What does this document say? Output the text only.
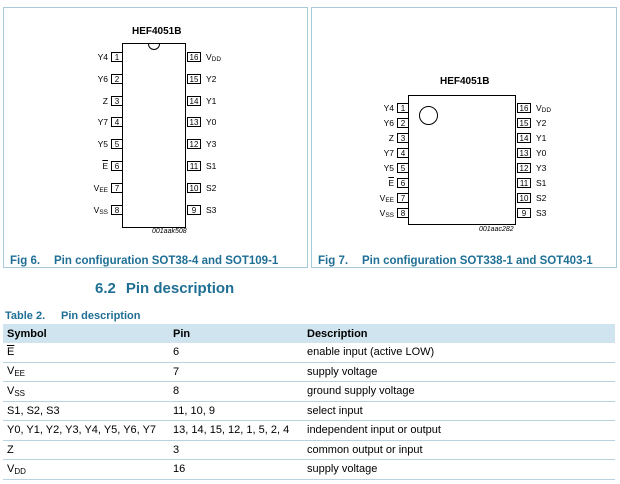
HEF4051B
Y4 1
Y6 2
Z 3
Y7 4
Y5 5
$\overline{E}$ 6
VEE 7
VSS 8
16 VDD
15 Y2
14 Y1
13 Y0
12 Y3
11 S1
10 S2
9	S3
001aak508
Fig 6. Pin configuration SOT38-4 and SOT109-1
HEF4051B
Y4 1
Y6 2
Z 3
Y7 4
Y5 5
$\overline{E}$ 6
VEE 7
VSS 8
16 VDD
15 Y2
14 Y1
13 Y0
12 Y3
11 S1
10 S2
9	S3
001aac282
Fig 7. Pin configuration SOT338-1 and SOT403-1
6.2 Pin description
Table 2. Pin description
Symbol	Pin	Description
$\overline{E}$	6	enable input (active LOW)
VEE	7	supply voltage
VSS	8	ground supply voltage
S1, S2, S3	11, 10, 9	select input
Y0, Y1, Y2, Y3, Y4, Y5, Y6, Y7	13, 14, 15, 12, 1, 5, 2, 4	independent input or output
Z	3	common output or input
VDD	16	supply voltage
